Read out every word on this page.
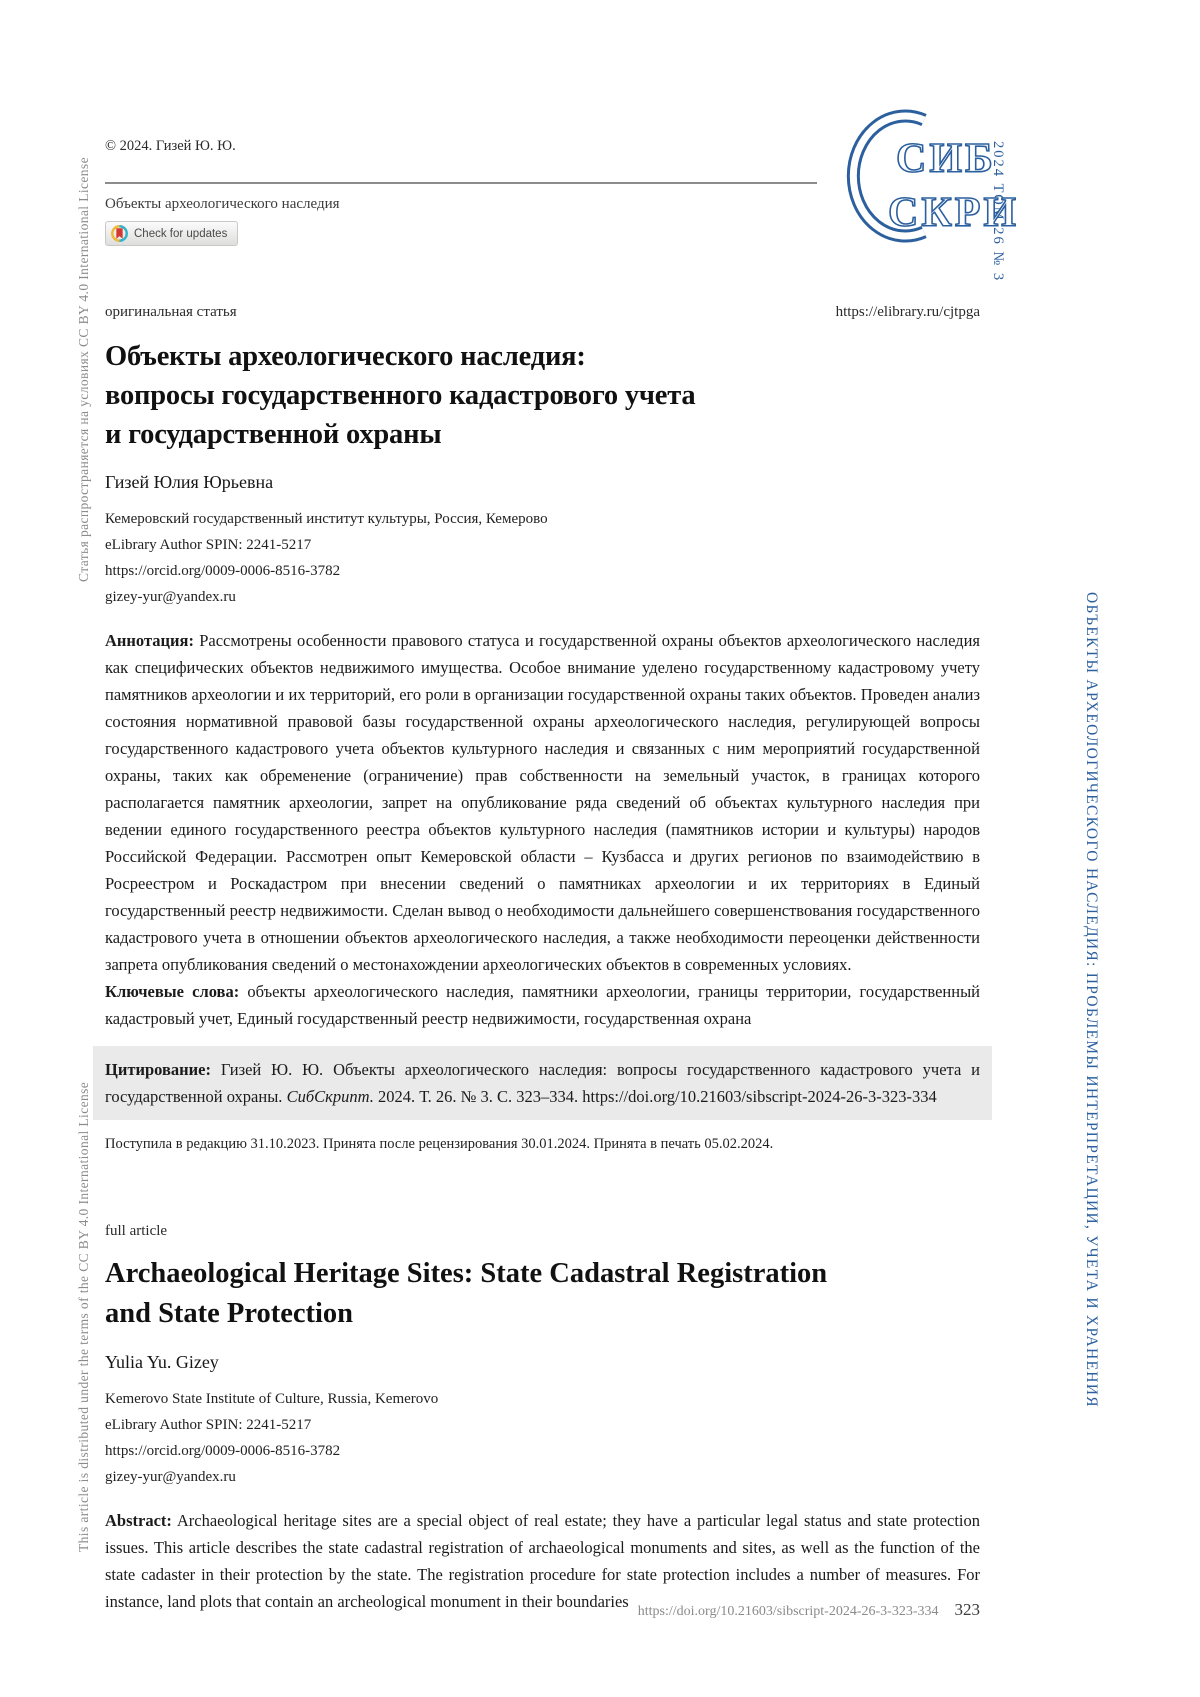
Статья распространяется на условиях CC BY 4.0 International License
This article is distributed under the terms of the CC BY 4.0 International License
2024 ТОМ 26 № 3
ОБЪЕКТЫ АРХЕОЛОГИЧЕСКОГО НАСЛЕДИЯ: ПРОБЛЕМЫ ИНТЕРПРЕТАЦИИ, УЧЕТА И ХРАНЕНИЯ
© 2024. Гизей Ю. Ю.
Объекты археологического наследия
Check for updates
СИБ
СКРИ
оригинальная статья	https://elibrary.ru/cjtpga
Объекты археологического наследия:
вопросы государственного кадастрового учета
и государственной охраны
Гизей Юлия Юрьевна
Кемеровский государственный институт культуры, Россия, Кемерово
eLibrary Author SPIN: 2241-5217
https://orcid.org/0009-0006-8516-3782
gizey-yur@yandex.ru

Аннотация: Рассмотрены особенности правового статуса и государственной охраны объектов археологического наследия как специфических объектов недвижимого имущества. Особое внимание уделено государственному кадастровому учету памятников археологии и их территорий, его роли в организации государственной охраны таких объектов. Проведен анализ состояния нормативной правовой базы государственной охраны археологического наследия, регулирующей вопросы государственного кадастрового учета объектов культурного наследия и связанных с ним мероприятий государственной охраны, таких как обременение (ограничение) прав собственности на земельный участок, в границах которого располагается памятник археологии, запрет на опубликование ряда сведений об объектах культурного наследия при ведении единого государственного реестра объектов культурного наследия (памятников истории и культуры) народов Российской Федерации. Рассмотрен опыт Кемеровской области – Кузбасса и других регионов по взаимодействию в Росреестром и Роскадастром при внесении сведений о памятниках археологии и их территориях в Единый государственный реестр недвижимости. Сделан вывод о необходимости дальнейшего совершенствования государственного кадастрового учета в отношении объектов археологического наследия, а также необходимости переоценки действенности запрета опубликования сведений о местонахождении археологических объектов в современных условиях.

Ключевые слова: объекты археологического наследия, памятники археологии, границы территории, государственный кадастровый учет, Единый государственный реестр недвижимости, государственная охрана

Цитирование: Гизей Ю. Ю. Объекты археологического наследия: вопросы государственного кадастрового учета и государственной охраны. СибСкрипт. 2024. Т. 26. № 3. С. 323–334. https://doi.org/10.21603/sibscript-2024-26-3-323-334

Поступила в редакцию 31.10.2023. Принята после рецензирования 30.01.2024. Принята в печать 05.02.2024.
full article
Archaeological Heritage Sites: State Cadastral Registration
and State Protection
Yulia Yu. Gizey
Kemerovo State Institute of Culture, Russia, Kemerovo
eLibrary Author SPIN: 2241-5217
https://orcid.org/0009-0006-8516-3782
gizey-yur@yandex.ru

Abstract: Archaeological heritage sites are a special object of real estate; they have a particular legal status and state protection issues. This article describes the state cadastral registration of archaeological monuments and sites, as well as the function of the state cadaster in their protection by the state. The registration procedure for state protection includes a number of measures. For instance, land plots that contain an archeological monument in their boundaries

https://doi.org/10.21603/sibscript-2024-26-3-323-334 323
